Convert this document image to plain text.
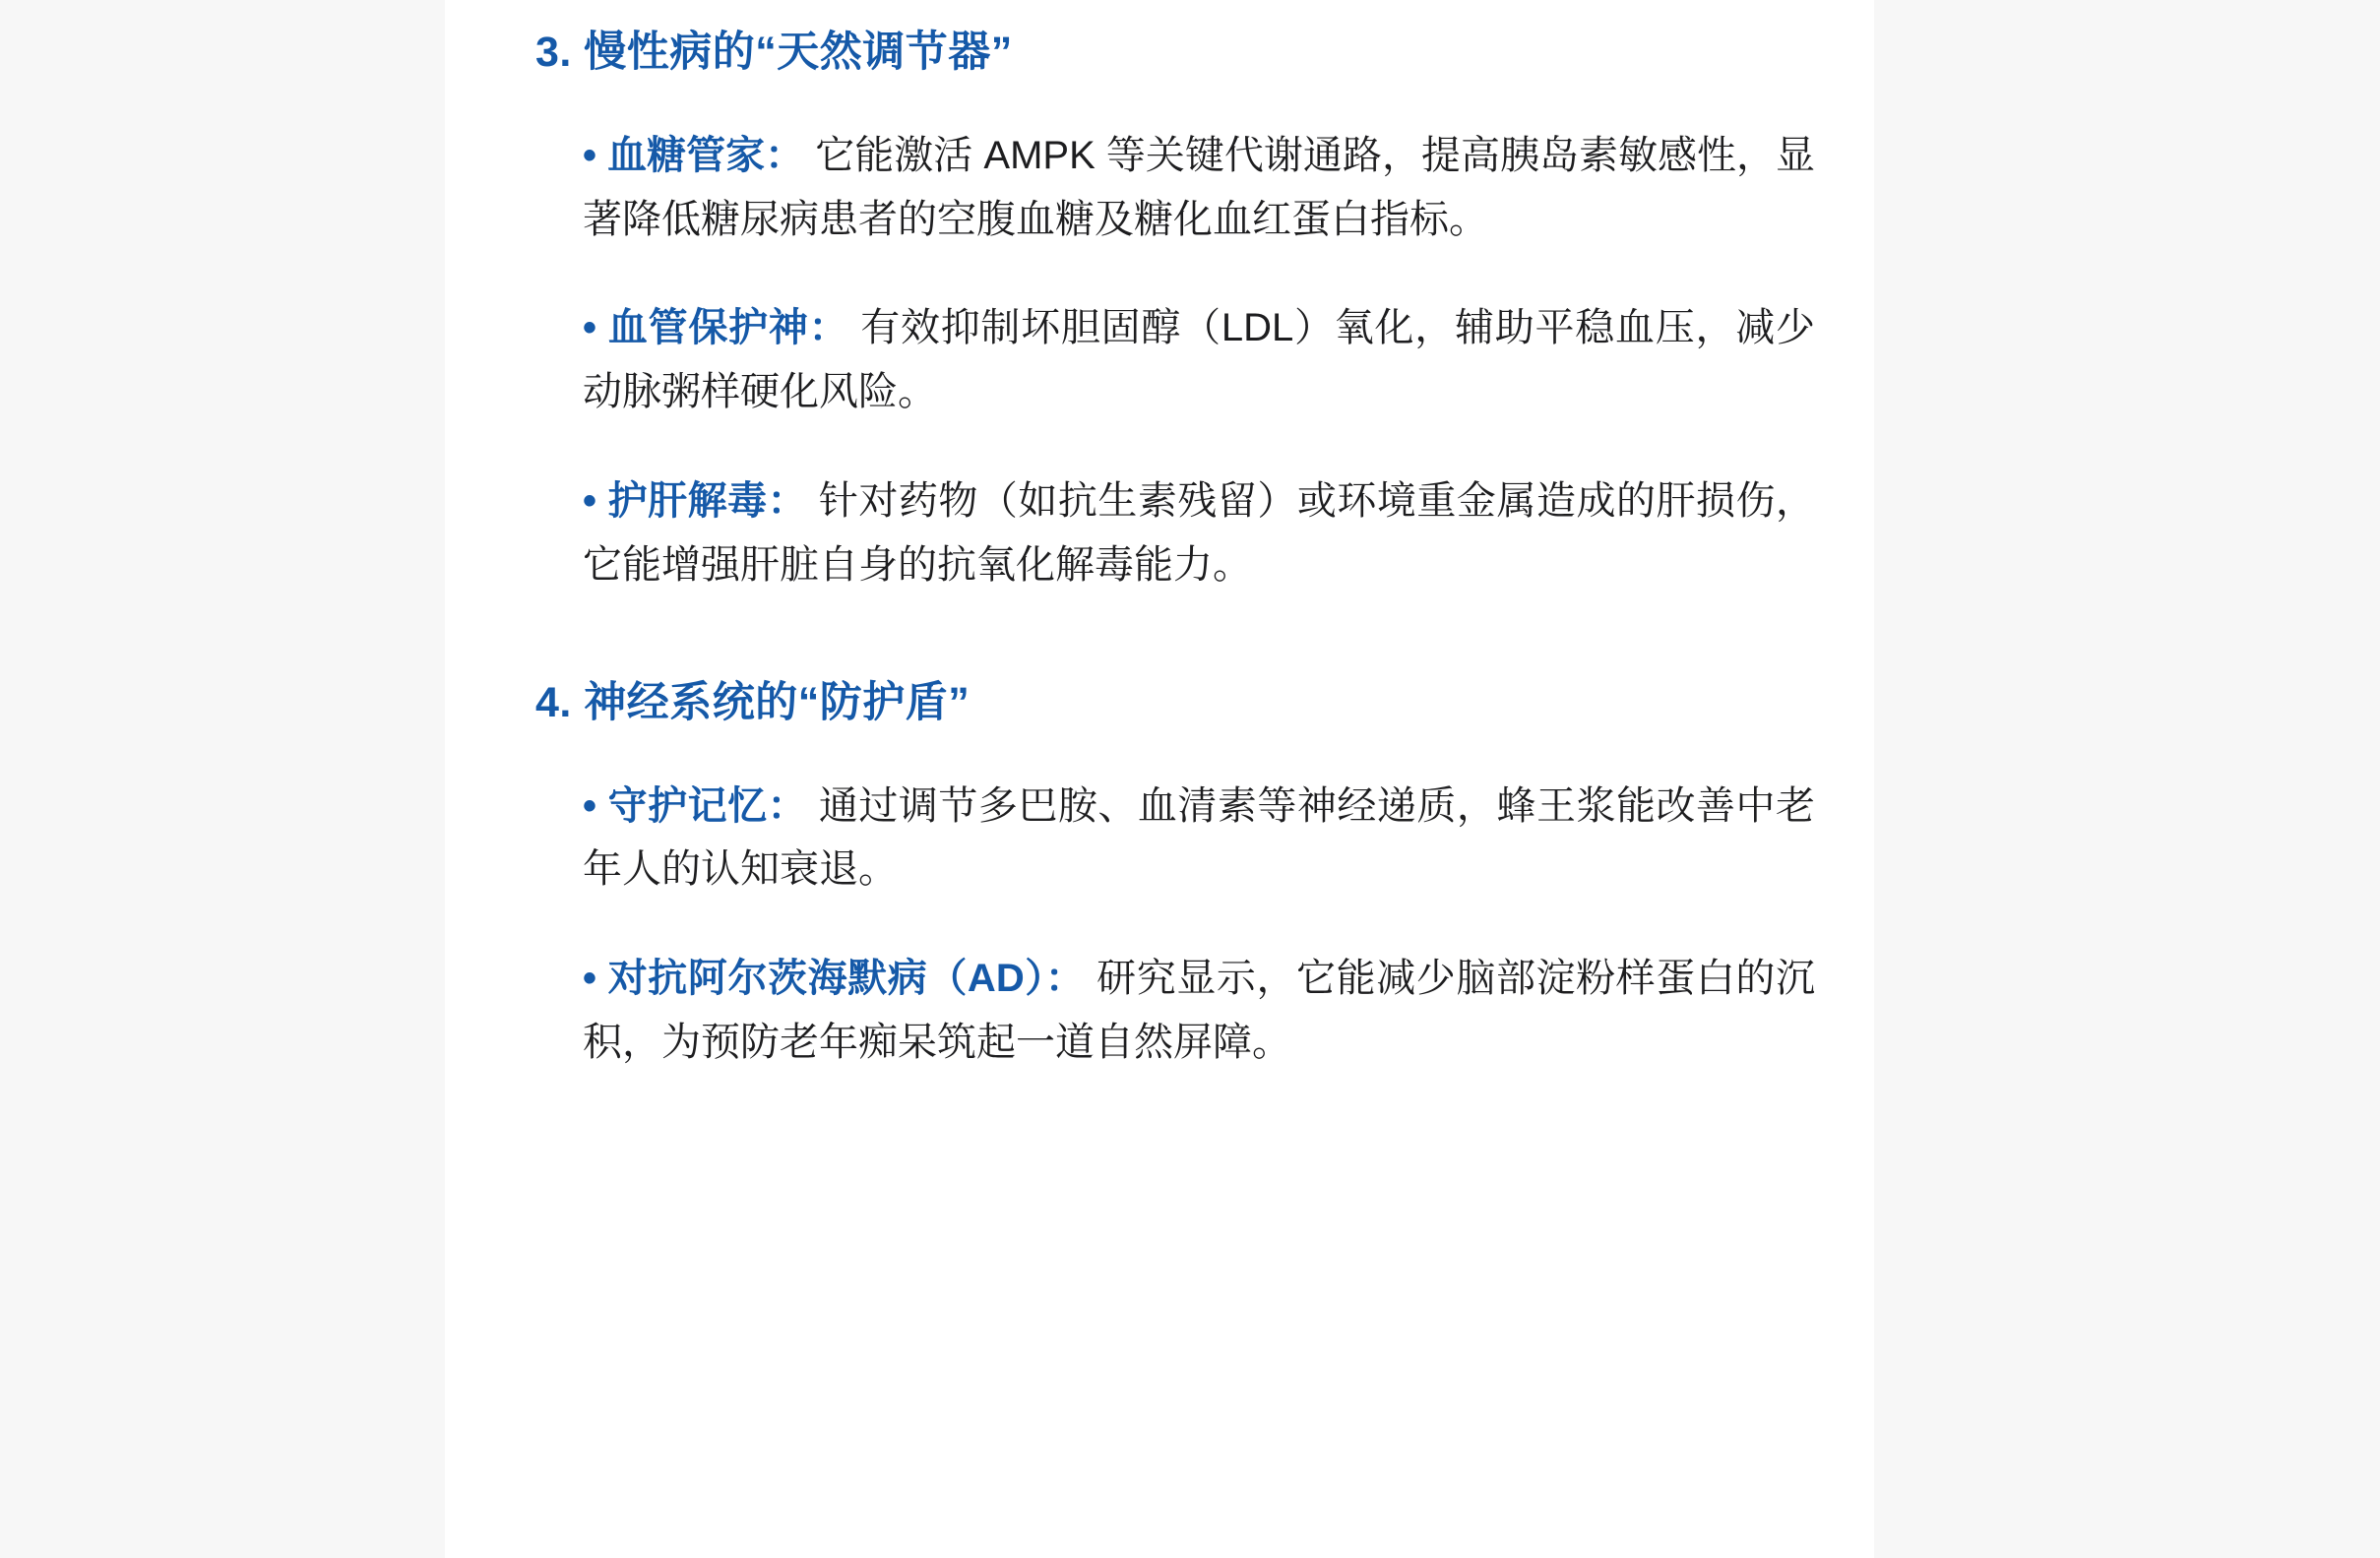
3. 慢性病的“天然调节器”

• 血糖管家： 它能激活 AMPK 等关键代谢通路，提高胰岛素敏感性，显著降低糖尿病患者的空腹血糖及糖化血红蛋白指标。

• 血管保护神： 有效抑制坏胆固醇（LDL）氧化，辅助平稳血压，减少动脉粥样硬化风险。

• 护肝解毒： 针对药物（如抗生素残留）或环境重金属造成的肝损伤，它能增强肝脏自身的抗氧化解毒能力。

4. 神经系统的“防护盾”

• 守护记忆： 通过调节多巴胺、血清素等神经递质，蜂王浆能改善中老年人的认知衰退。

• 对抗阿尔茨海默病（AD）： 研究显示，它能减少脑部淀粉样蛋白的沉积，为预防老年痴呆筑起一道自然屏障。
